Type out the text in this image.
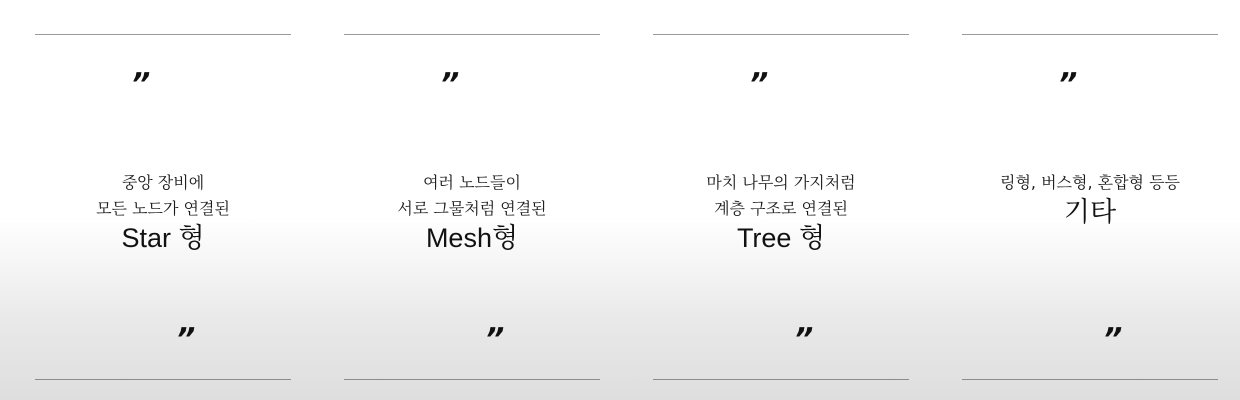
”
중앙 장비에
모든 노드가 연결된
Star 형
”
”
여러 노드들이
서로 그물처럼 연결된
Mesh형
”
”
마치 나무의 가지처럼
계층 구조로 연결된
Tree 형
”
”
링형, 버스형, 혼합형 등등
기타
”
